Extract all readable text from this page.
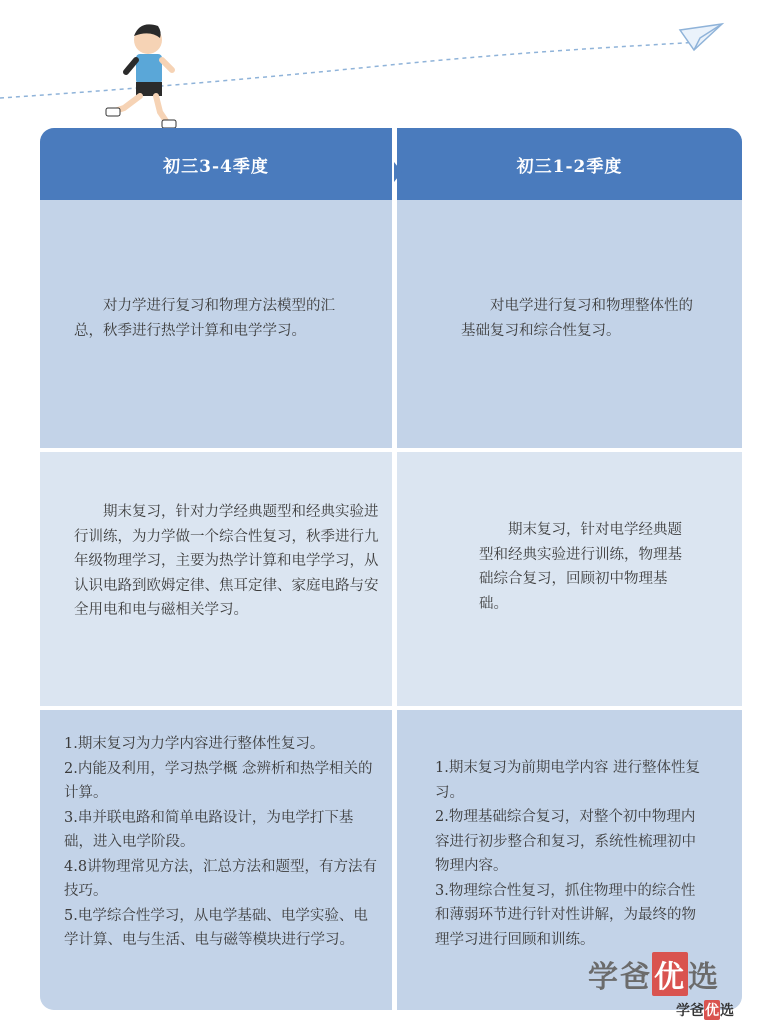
初三3-4季度	初三1-2季度

对力学进行复习和物理方法模型的汇总，秋季进行热学计算和电学学习。

对电学进行复习和物理整体性的基础复习和综合性复习。

期末复习，针对力学经典题型和经典实验进行训练，为力学做一个综合性复习，秋季进行九年级物理学习，主要为热学计算和电学学习，从认识电路到欧姆定律、焦耳定律、家庭电路与安全用电和电与磁相关学习。

期末复习，针对电学经典题型和经典实验进行训练，物理基础综合复习，回顾初中物理基础。

1.期末复习为力学内容进行整体性复习。

2.内能及利用，学习热学概 念辨析和热学相关的计算。

3.串并联电路和简单电路设计，为电学打下基础，进入电学阶段。

4.8讲物理常见方法，汇总方法和题型，有方法有技巧。

5.电学综合性学习，从电学基础、电学实验、电学计算、电与生活、电与磁等模块进行学习。

1.期末复习为前期电学内容 进行整体性复习。

2.物理基础综合复习，对整个初中物理内容进行初步整合和复习，系统性梳理初中物理内容。

3.物理综合性复习，抓住物理中的综合性和薄弱环节进行针对性讲解，为最终的物理学习进行回顾和训练。

学爸优选
学爸优选
